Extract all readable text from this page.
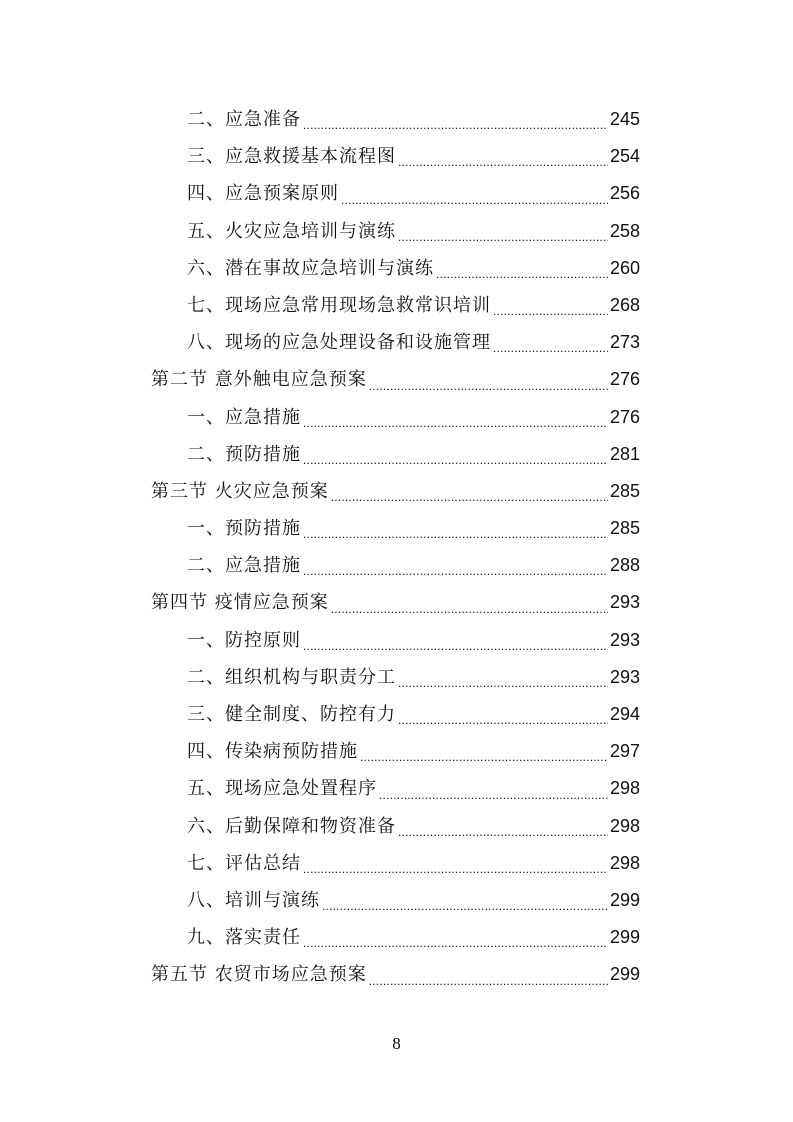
二、应急准备 .....	245
三、应急救援基本流程图 .....	254
四、应急预案原则 .....	256
五、火灾应急培训与演练 .....	258
六、潜在事故应急培训与演练 .....	260
七、现场应急常用现场急救常识培训 .....	268
八、现场的应急处理设备和设施管理 .....	273
第二节 意外触电应急预案 .....	276
一、应急措施 .....	276
二、预防措施 .....	281
第三节 火灾应急预案 .....	285
一、预防措施 .....	285
二、应急措施 .....	288
第四节 疫情应急预案 .....	293
一、防控原则 .....	293
二、组织机构与职责分工 .....	293
三、健全制度、防控有力 .....	294
四、传染病预防措施 .....	297
五、现场应急处置程序 .....	298
六、后勤保障和物资准备 .....	298
七、评估总结 .....	298
八、培训与演练 .....	299
九、落实责任 .....	299
第五节 农贸市场应急预案 .....	299
8
